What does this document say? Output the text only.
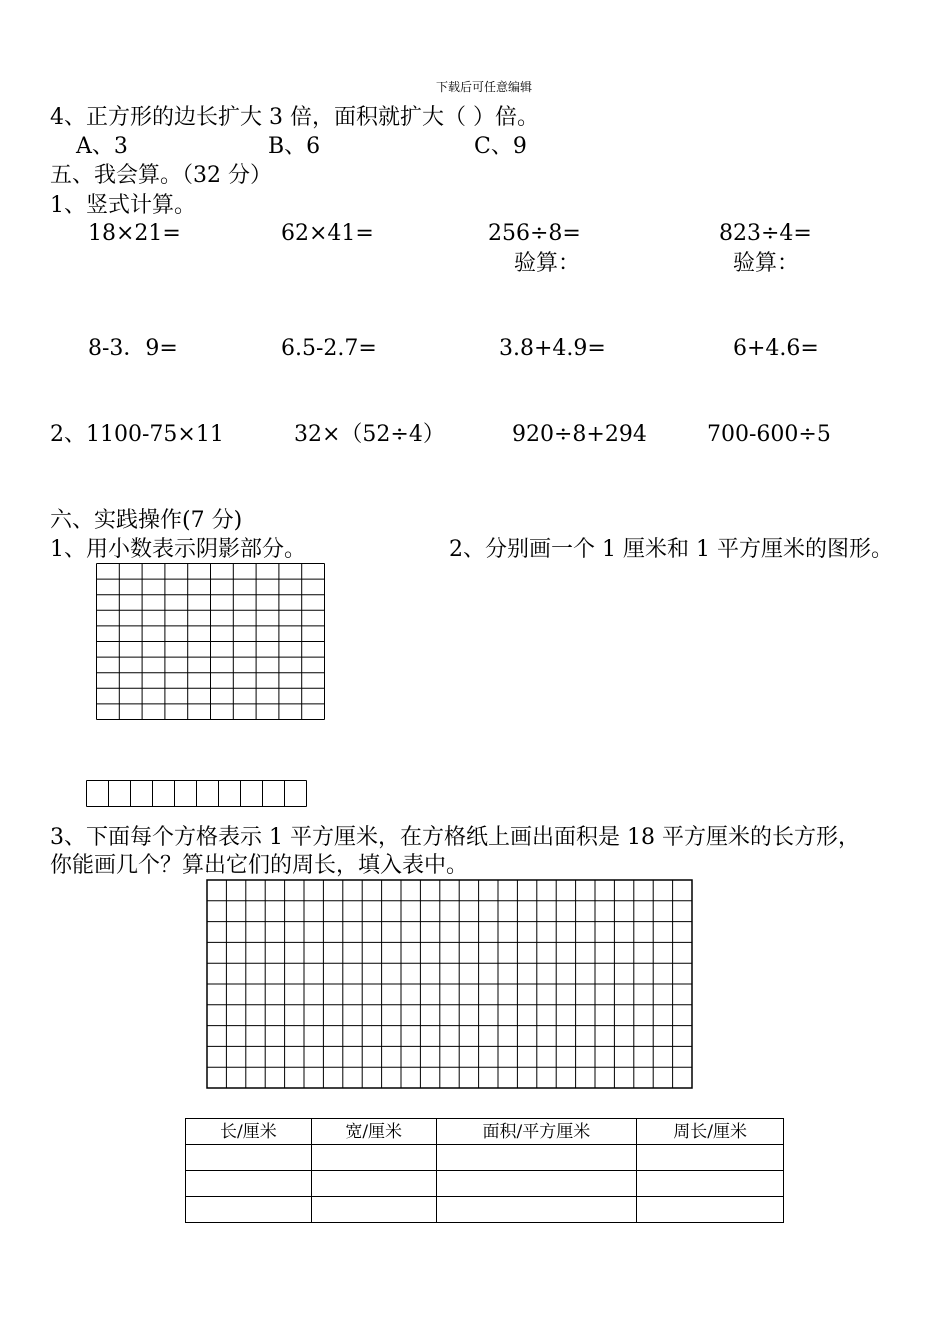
下载后可任意编辑
4、正方形的边长扩大 3 倍，面积就扩大（ ）倍。
A、3	B、6	C、9
五、我会算。（32 分）
1、竖式计算。
18×21=	62×41=	256÷8=	823÷4=
验算：	验算：
8-3．9=	6.5-2.7=	3.8+4.9=	6+4.6=
2、1100-75×11	32×（52÷4）	920÷8+294	700-600÷5
六、实践操作(7 分)
1、用小数表示阴影部分。	2、分别画一个 1 厘米和 1 平方厘米的图形。
3、下面每个方格表示 1 平方厘米，在方格纸上画出面积是 18 平方厘米的长方形，
你能画几个？算出它们的周长，填入表中。
长/厘米	宽/厘米	面积/平方厘米	周长/厘米
